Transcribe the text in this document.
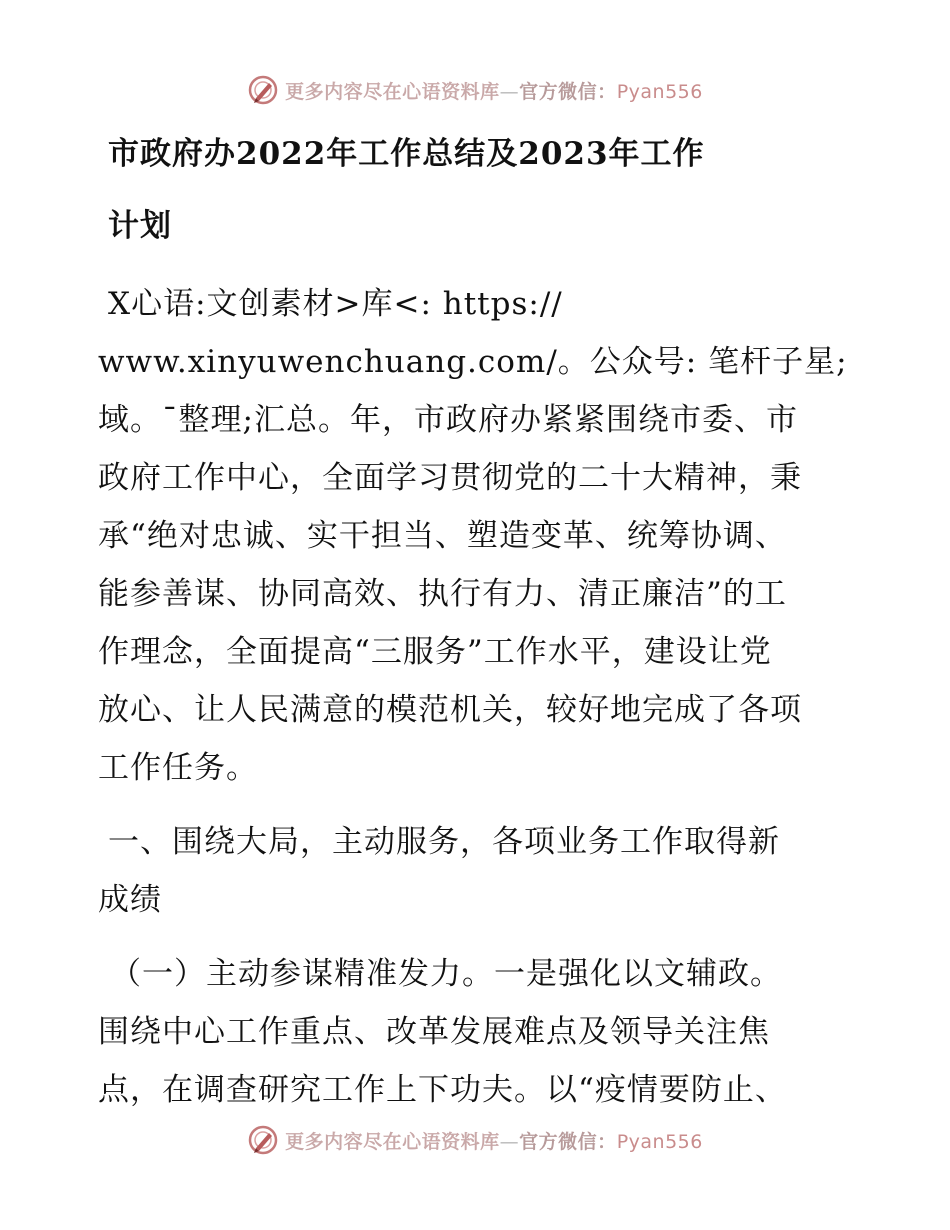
更多内容尽在心语资料库—官方微信：Pyan556
市政府办2022年工作总结及2023年工作
计划
X心语:文创素材>库<: https://
www.xinyuwenchuang.com/。公众号: 笔杆子星;
域。¯整理;汇总。年，市政府办紧紧围绕市委、市
政府工作中心，全面学习贯彻党的二十大精神，秉
承“绝对忠诚、实干担当、塑造变革、统筹协调、
能参善谋、协同高效、执行有力、清正廉洁”的工
作理念，全面提高“三服务”工作水平，建设让党
放心、让人民满意的模范机关，较好地完成了各项
工作任务。
一、围绕大局，主动服务，各项业务工作取得新
成绩
（一）主动参谋精准发力。一是强化以文辅政。
围绕中心工作重点、改革发展难点及领导关注焦
点，在调查研究工作上下功夫。以“疫情要防止、
更多内容尽在心语资料库—官方微信：Pyan556
